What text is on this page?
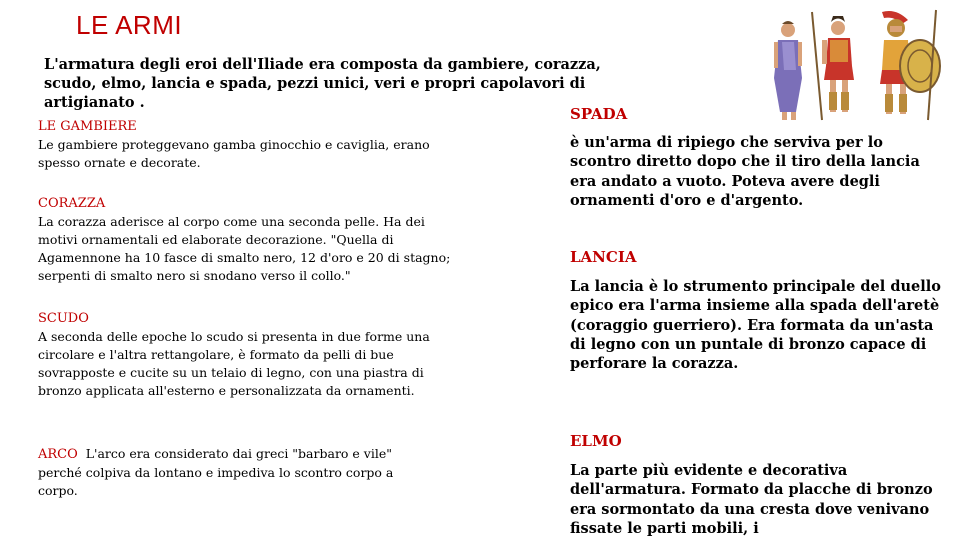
LE ARMI
L'armatura degli eroi dell'Iliade era composta da gambiere, corazza, scudo, elmo, lancia e spada, pezzi unici, veri e propri capolavori di artigianato .
LE GAMBIERE
Le gambiere proteggevano gamba ginocchio e caviglia, erano spesso ornate e decorate.
CORAZZA
La corazza aderisce al corpo come una seconda pelle. Ha dei motivi ornamentali ed elaborate decorazione. "Quella di Agamennone ha 10 fasce di smalto nero, 12 d'oro e 20 di stagno; serpenti di smalto nero si snodano verso il collo."
SCUDO
A seconda delle epoche lo scudo si presenta in due forme una circolare e l'altra rettangolare, è formato da pelli di bue sovrapposte e cucite su un telaio di legno, con una piastra di bronzo applicata all'esterno e personalizzata da ornamenti.
ARCO L'arco era considerato dai greci "barbaro e vile" perché colpiva da lontano e impediva lo scontro corpo a corpo.
SPADA
è un'arma di ripiego che serviva per lo scontro diretto dopo che il tiro della lancia era andato a vuoto. Poteva avere degli ornamenti d'oro e d'argento.
LANCIA
La lancia è lo strumento principale del duello epico era l'arma insieme alla spada dell'aretè (coraggio guerriero). Era formata da un'asta di legno con un puntale di bronzo capace di perforare la corazza.
ELMO
La parte più evidente e decorativa dell'armatura. Formato da placche di bronzo era sormontato da una cresta dove venivano fissate le parti mobili, i
